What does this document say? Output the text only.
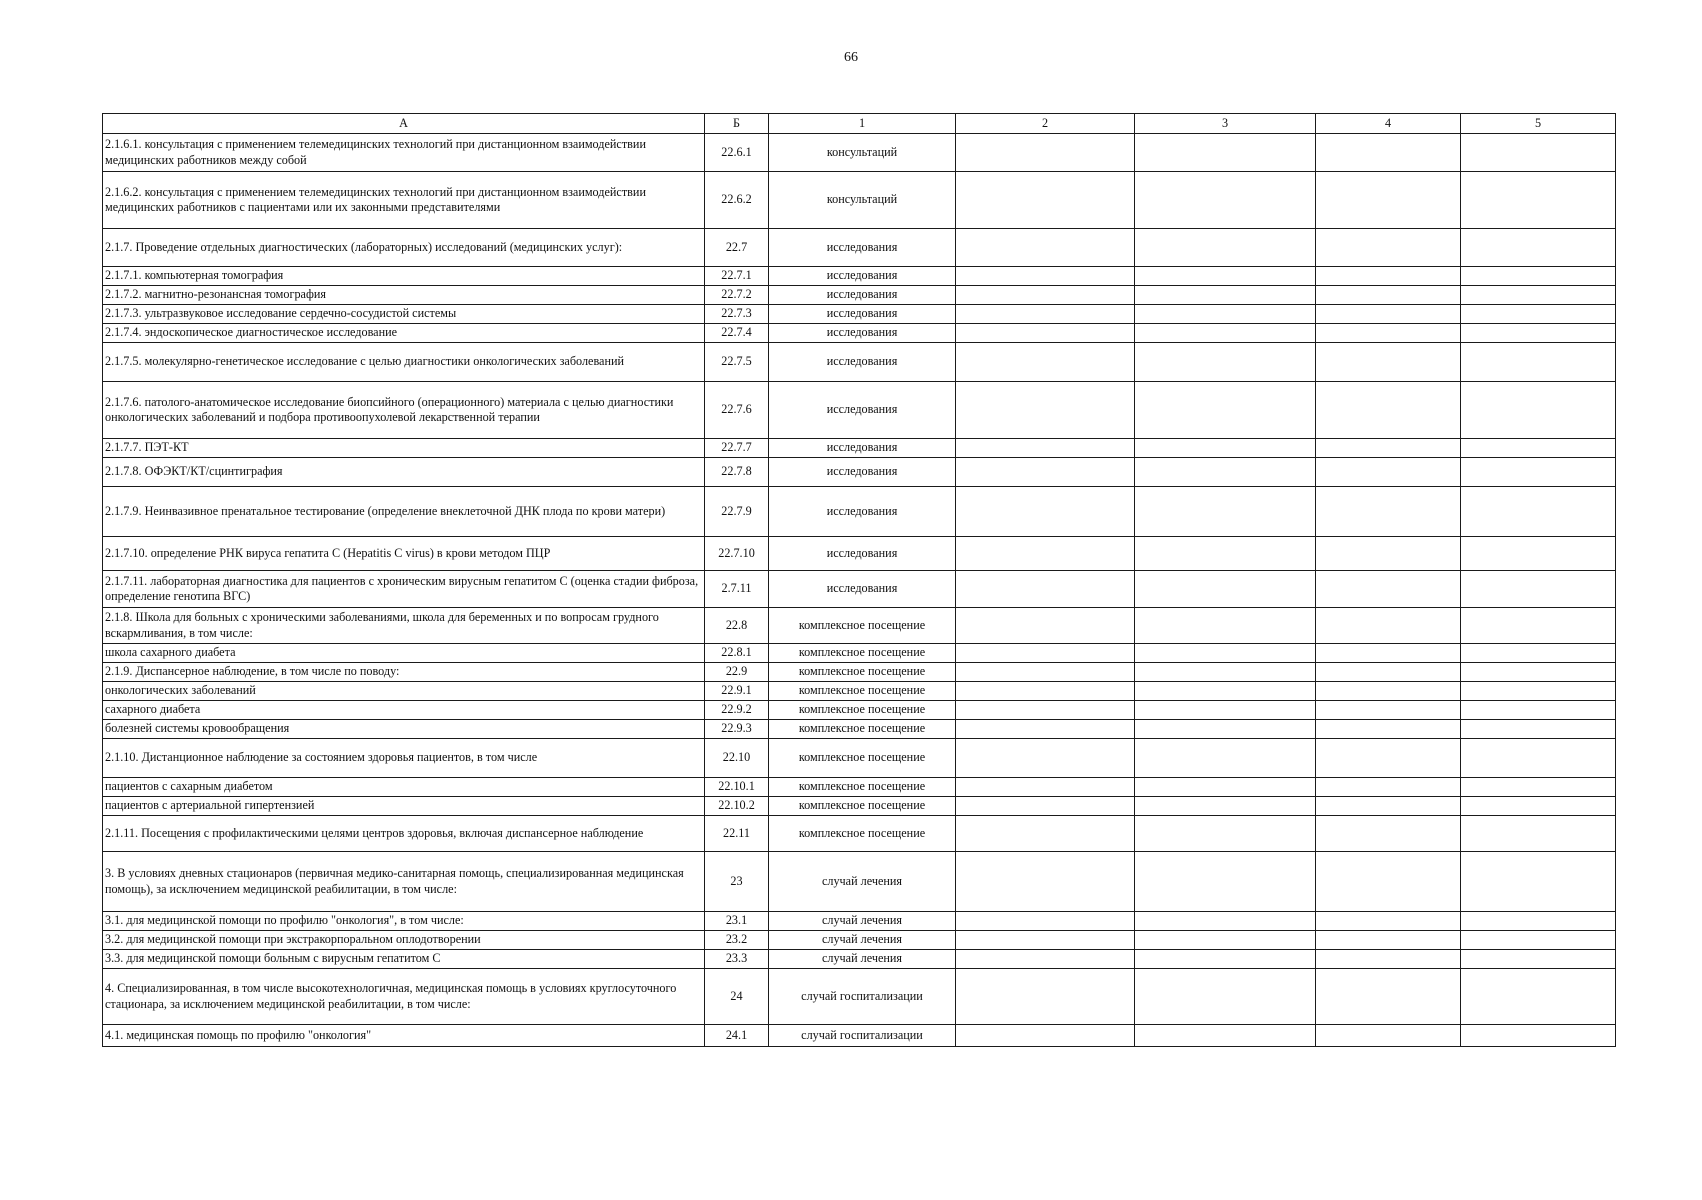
66
А	Б	1	2	3	4	5
2.1.6.1. консультация с применением телемедицинских технологий при дистанционном взаимодействии медицинских работников между собой	22.6.1	консультаций				
2.1.6.2. консультация с применением телемедицинских технологий при дистанционном взаимодействии медицинских работников с пациентами или их законными представителями	22.6.2	консультаций				
2.1.7. Проведение отдельных диагностических (лабораторных) исследований (медицинских услуг):	22.7	исследования				
2.1.7.1. компьютерная томография	22.7.1	исследования				
2.1.7.2. магнитно-резонансная томография	22.7.2	исследования				
2.1.7.3. ультразвуковое исследование сердечно-сосудистой системы	22.7.3	исследования				
2.1.7.4. эндоскопическое диагностическое исследование	22.7.4	исследования				
2.1.7.5. молекулярно-генетическое исследование с целью диагностики онкологических заболеваний	22.7.5	исследования				
2.1.7.6. патолого-анатомическое исследование биопсийного (операционного) материала с целью диагностики онкологических заболеваний и подбора противоопухолевой лекарственной терапии	22.7.6	исследования				
2.1.7.7. ПЭТ-КТ	22.7.7	исследования				
2.1.7.8. ОФЭКТ/КТ/сцинтиграфия	22.7.8	исследования				
2.1.7.9. Неинвазивное пренатальное тестирование (определение внеклеточной ДНК плода по крови матери)	22.7.9	исследования				
2.1.7.10. определение РНК вируса гепатита С (Hepatitis C virus) в крови методом ПЦР	22.7.10	исследования				
2.1.7.11. лабораторная диагностика для пациентов с хроническим вирусным гепатитом С (оценка стадии фиброза, определение генотипа ВГС)	2.7.11	исследования				
2.1.8. Школа для больных с хроническими заболеваниями, школа для беременных и по вопросам грудного вскармливания, в том числе:	22.8	комплексное посещение				
школа сахарного диабета	22.8.1	комплексное посещение				
2.1.9. Диспансерное наблюдение, в том числе по поводу:	22.9	комплексное посещение				
онкологических заболеваний	22.9.1	комплексное посещение				
сахарного диабета	22.9.2	комплексное посещение				
болезней системы кровообращения	22.9.3	комплексное посещение				
2.1.10. Дистанционное наблюдение за состоянием здоровья пациентов, в том числе	22.10	комплексное посещение				
пациентов с сахарным диабетом	22.10.1	комплексное посещение				
пациентов с артериальной гипертензией	22.10.2	комплексное посещение				
2.1.11. Посещения с профилактическими целями центров здоровья, включая диспансерное наблюдение	22.11	комплексное посещение				
3. В условиях дневных стационаров (первичная медико-санитарная помощь, специализированная медицинская помощь), за исключением медицинской реабилитации, в том числе:	23	случай лечения				
3.1. для медицинской помощи по профилю "онкология", в том числе:	23.1	случай лечения				
3.2. для медицинской помощи при экстракорпоральном оплодотворении	23.2	случай лечения				
3.3. для медицинской помощи больным с вирусным гепатитом С	23.3	случай лечения				
4. Специализированная, в том числе высокотехнологичная, медицинская помощь в условиях круглосуточного стационара, за исключением медицинской реабилитации, в том числе:	24	случай госпитализации				
4.1. медицинская помощь по профилю "онкология"	24.1	случай госпитализации				
